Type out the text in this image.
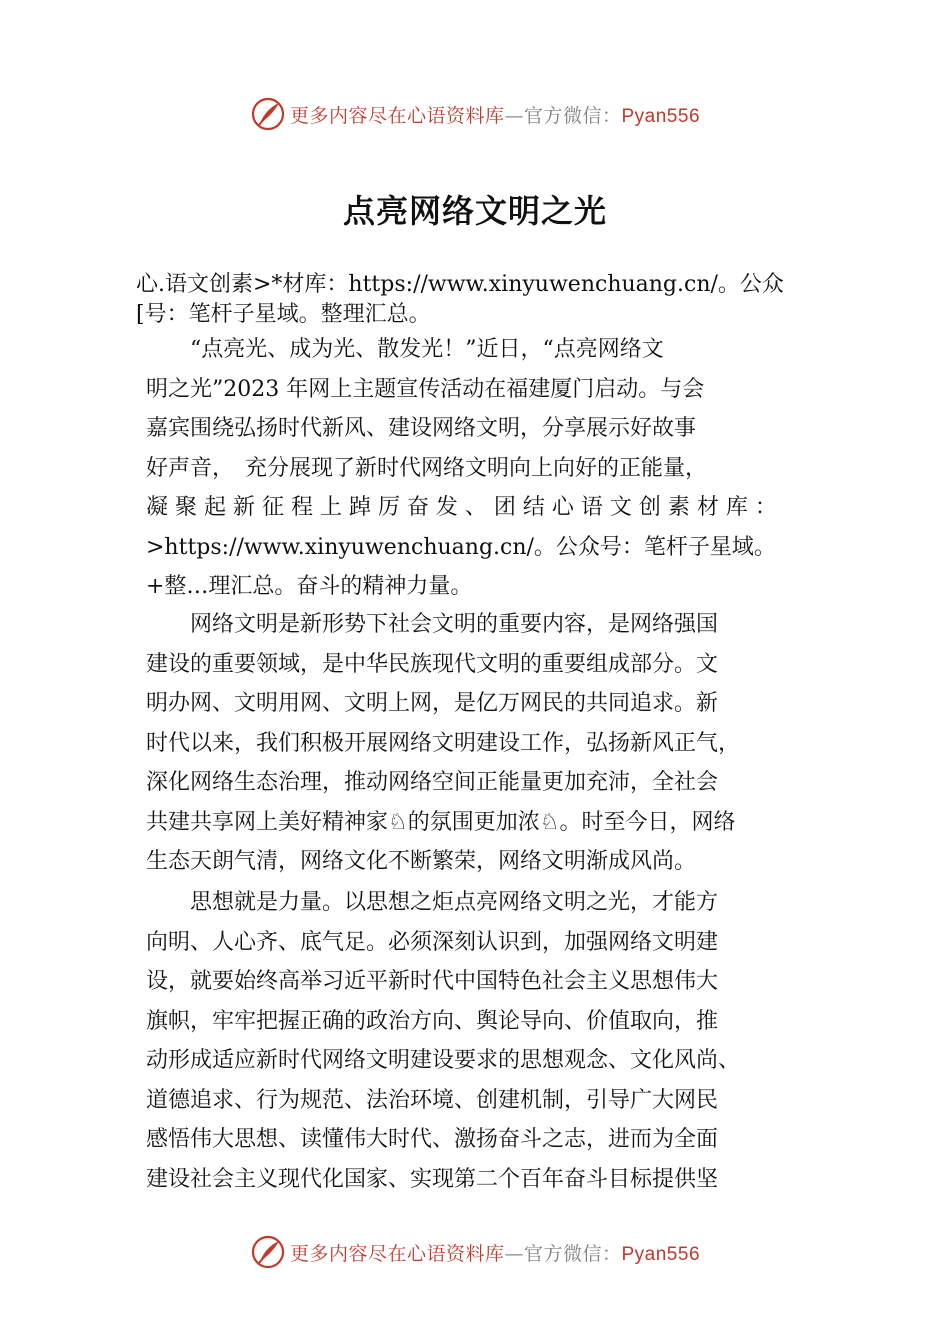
更多内容尽在心语资料库—官方微信：Pyan556
点亮网络文明之光
心.语文创素>*材库：https://www.xinyuwenchuang.cn/。公众
[号：笔杆子星域。整理汇总。
　　“点亮光、成为光、散发光！”近日，“点亮网络文
明之光”2023 年网上主题宣传活动在福建厦门启动。与会
嘉宾围绕弘扬时代新风、建设网络文明，分享展示好故事
好声音，　充分展现了新时代网络文明向上向好的正能量，
凝 聚 起 新 征 程 上 踔 厉 奋 发 、 团 结 心 语 文 创 素 材 库 ：
>https://www.xinyuwenchuang.cn/。公众号：笔杆子星域。
+整…理汇总。奋斗的精神力量。
　　网络文明是新形势下社会文明的重要内容，是网络强国
建设的重要领域，是中华民族现代文明的重要组成部分。文
明办网、文明用网、文明上网，是亿万网民的共同追求。新
时代以来，我们积极开展网络文明建设工作，弘扬新风正气，
深化网络生态治理，推动网络空间正能量更加充沛，全社会
共建共享网上美好精神家♘的氛围更加浓♘。时至今日，网络
生态天朗气清，网络文化不断繁荣，网络文明渐成风尚。
　　思想就是力量。以思想之炬点亮网络文明之光，才能方
向明、人心齐、底气足。必须深刻认识到，加强网络文明建
设，就要始终高举习近平新时代中国特色社会主义思想伟大
旗帜，牢牢把握正确的政治方向、舆论导向、价值取向，推
动形成适应新时代网络文明建设要求的思想观念、文化风尚、
道德追求、行为规范、法治环境、创建机制，引导广大网民
感悟伟大思想、读懂伟大时代、激扬奋斗之志，进而为全面
建设社会主义现代化国家、实现第二个百年奋斗目标提供坚
更多内容尽在心语资料库—官方微信：Pyan556
